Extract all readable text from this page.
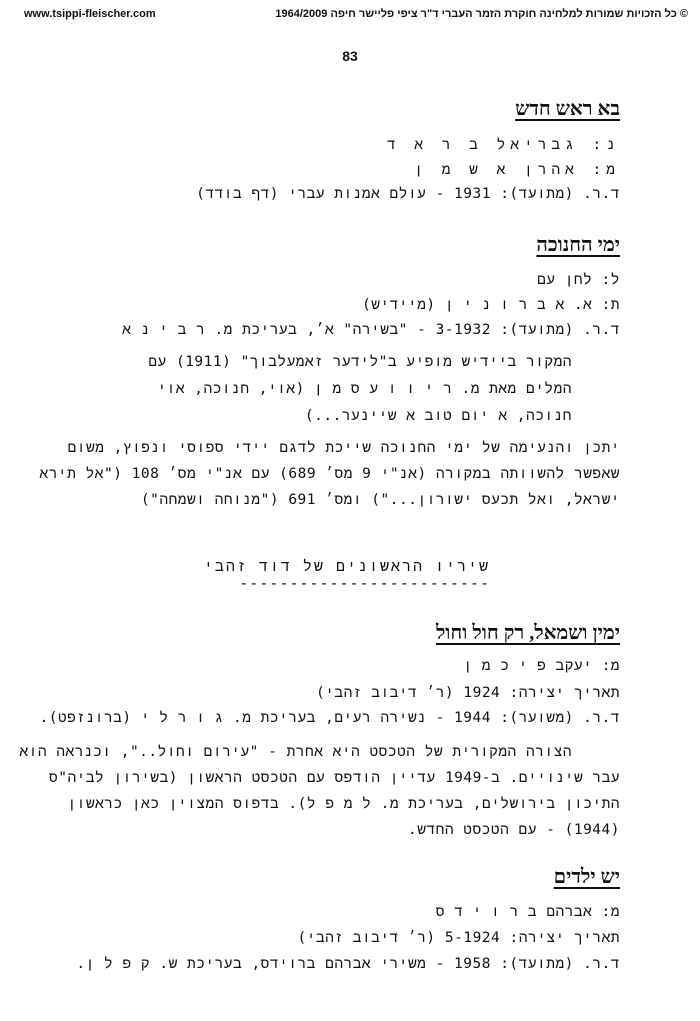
www.tsippi-fleischer.com	© כל הזכויות שמורות למלחינה חוקרת הזמר העברי ד"ר ציפי פליישר חיפה 1964/2009
83
בא ראש חדש
נ: גבריאל ב ר א ד
מ: אהרן א ש מ ן
ד.ר. (מתועד): 1931 - עולם אמנות עברי (דף בודד)
ימי החנוכה
ל: לחן עם
ת: א. א ב ר ו נ י ן (מיידיש)
ד.ר. (מתועד): 3-1932 - "בשירה" א׳, בעריכת מ. ר ב י נ א
המקור ביידיש מופיע ב"לידער זאמעלבוך" (1911) עם
המלים מאת מ. ר י ו ו ע ס מ ן (אוי, חנוכה, אוי
חנוכה, א יום טוב א שיינער...)
יתכן והנעימה של ימי החנוכה שייכת לדגם יידי ספוסי ונפוץ, משום
שאפשר להשוותה במקורה (אנ"י 9 מס׳ 689) עם אנ"י מס׳ 108 ("אל תירא
ישראל, ואל תכעס ישורון...") ומס׳ 691 ("מנוחה ושמחה")
שיריו הראשונים של דוד זהבי
-------------------------
ימין ושמאל, רק חול וחול
מ: יעקב פ י כ מ ן
תאריך יצירה: 1924 (ר׳ דיבוב זהבי)
ד.ר. (משוער): 1944 - נשירה רעים, בעריכת מ. ג ו ר ל י (ברונזפט).
הצורה המקורית של הטכסט היא אחרת - "עירום וחול..", וכנראה הוא
עבר שינויים. ב-1949 עדיין הודפס עם הטכסט הראשון (בשירון לביה"ס
התיכון בירושלים, בעריכת מ. ל מ פ ל). בדפוס המצוין כאן כראשון
(1944) - עם הטכסט החדש.
יש ילדים
מ: אברהם ב ר ו י ד ס
תאריך יצירה: 5-1924 (ר׳ דיבוב זהבי)
ד.ר. (מתועד): 1958 - משירי אברהם ברוידס, בעריכת ש. ק פ ל ן.
